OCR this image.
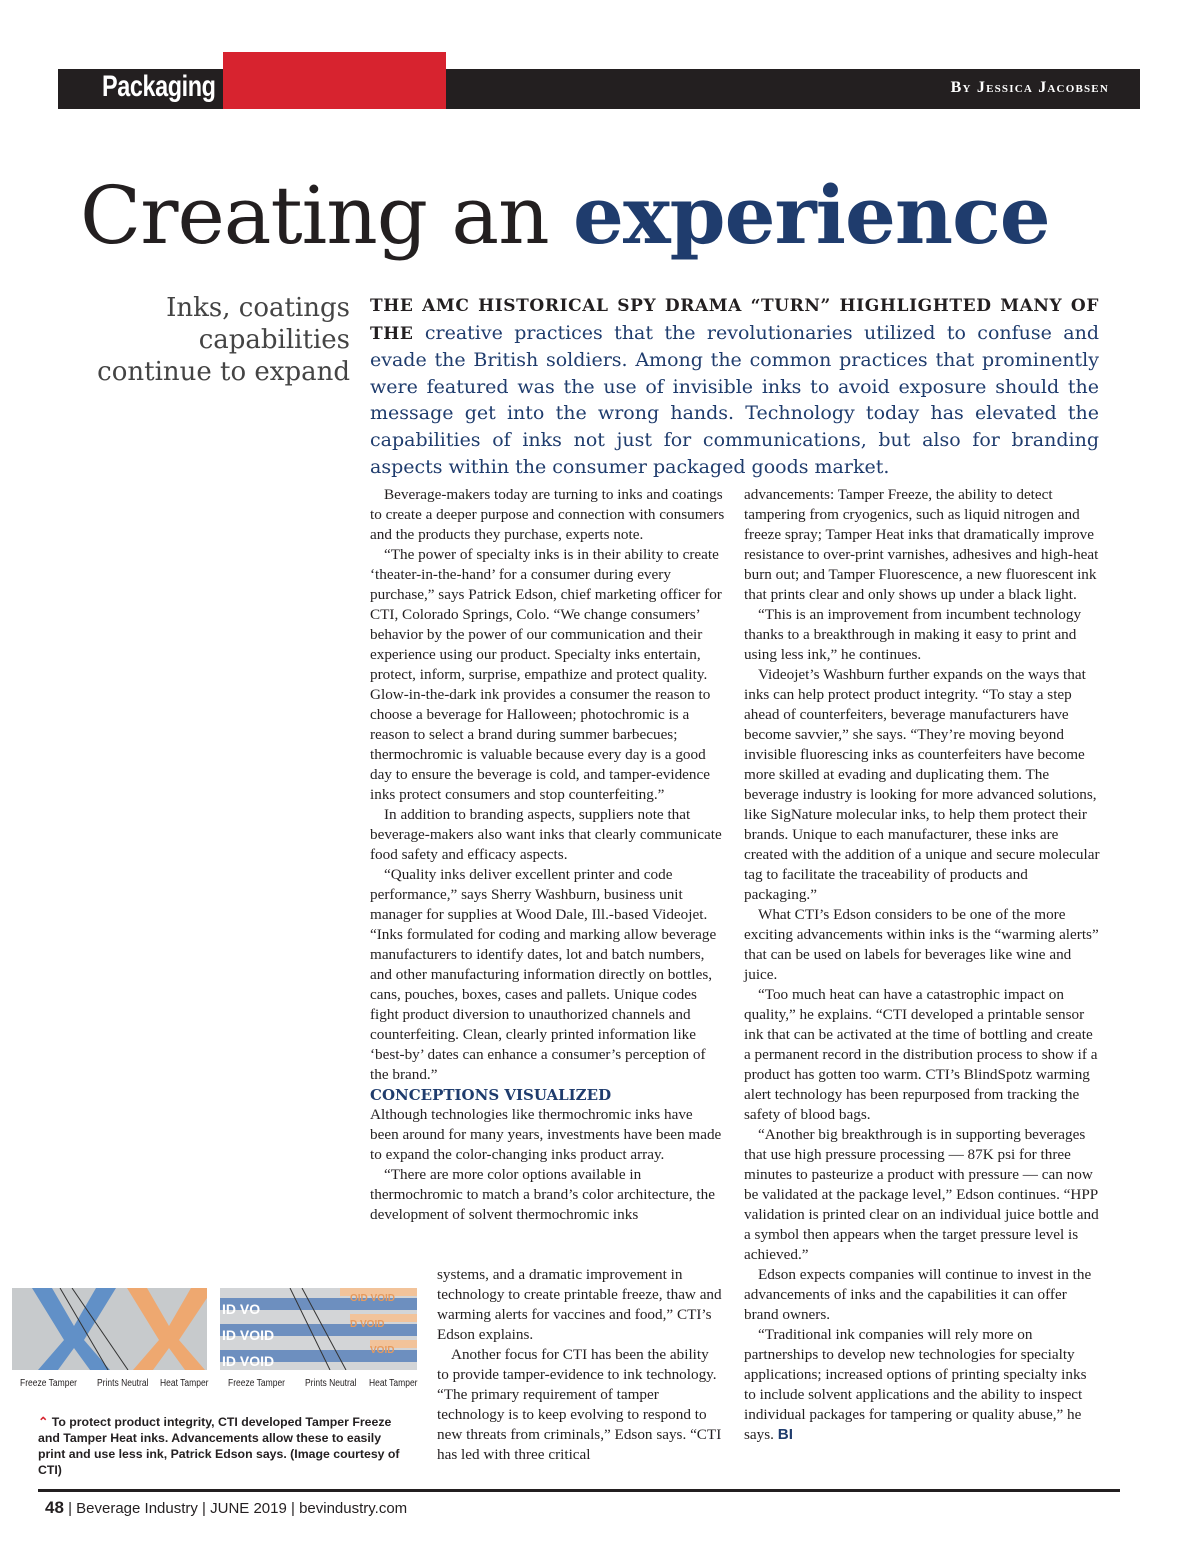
Packaging	By Jessica Jacobsen
Creating an experience
Inks, coatings
capabilities
continue to expand
THE AMC HISTORICAL SPY DRAMA “TURN” HIGHLIGHTED MANY OF THE creative practices that the revolutionaries utilized to confuse and evade the British soldiers. Among the common practices that prominently were featured was the use of invisible inks to avoid exposure should the message get into the wrong hands. Technology today has elevated the capabilities of inks not just for communications, but also for branding aspects within the consumer packaged goods market.

Beverage-makers today are turning to inks and coatings to create a deeper purpose and connection with consumers and the products they purchase, experts note.

“The power of specialty inks is in their ability to create ‘theater-in-the-hand’ for a consumer during every purchase,” says Patrick Edson, chief marketing officer for CTI, Colorado Springs, Colo. “We change consumers’ behavior by the power of our communication and their experience using our product. Specialty inks entertain, protect, inform, surprise, empathize and protect quality. Glow-in-the-dark ink provides a consumer the reason to choose a beverage for Halloween; photochromic is a reason to select a brand during summer barbecues; thermochromic is valuable because every day is a good day to ensure the beverage is cold, and tamper-evidence inks protect consumers and stop counterfeiting.”

In addition to branding aspects, suppliers note that beverage-makers also want inks that clearly communicate food safety and efficacy aspects.

“Quality inks deliver excellent printer and code performance,” says Sherry Washburn, business unit manager for supplies at Wood Dale, Ill.-based Videojet. “Inks formulated for coding and marking allow beverage manufacturers to identify dates, lot and batch numbers, and other manufacturing information directly on bottles, cans, pouches, boxes, cases and pallets. Unique codes fight product diversion to unauthorized channels and counterfeiting. Clean, clearly printed information like ‘best-by’ dates can enhance a consumer’s perception of the brand.”

CONCEPTIONS VISUALIZED

Although technologies like thermochromic inks have been around for many years, investments have been made to expand the color-changing inks product array.

“There are more color options available in thermochromic to match a brand’s color architecture, the development of solvent thermochromic inks

systems, and a dramatic improvement in technology to create printable freeze, thaw and warming alerts for vaccines and food,” CTI’s Edson explains.

Another focus for CTI has been the ability to provide tamper-evidence to ink technology. “The primary requirement of tamper technology is to keep evolving to respond to new threats from criminals,” Edson says. “CTI has led with three critical

advancements: Tamper Freeze, the ability to detect tampering from cryogenics, such as liquid nitrogen and freeze spray; Tamper Heat inks that dramatically improve resistance to over-print varnishes, adhesives and high-heat burn out; and Tamper Fluorescence, a new fluorescent ink that prints clear and only shows up under a black light.

“This is an improvement from incumbent technology thanks to a breakthrough in making it easy to print and using less ink,” he continues.

Videojet’s Washburn further expands on the ways that inks can help protect product integrity. “To stay a step ahead of counterfeiters, beverage manufacturers have become savvier,” she says. “They’re moving beyond invisible fluorescing inks as counterfeiters have become more skilled at evading and duplicating them. The beverage industry is looking for more advanced solutions, like SigNature molecular inks, to help them protect their brands. Unique to each manufacturer, these inks are created with the addition of a unique and secure molecular tag to facilitate the traceability of products and packaging.”

What CTI’s Edson considers to be one of the more exciting advancements within inks is the “warming alerts” that can be used on labels for beverages like wine and juice.

“Too much heat can have a catastrophic impact on quality,” he explains. “CTI developed a printable sensor ink that can be activated at the time of bottling and create a permanent record in the distribution process to show if a product has gotten too warm. CTI’s BlindSpotz warming alert technology has been repurposed from tracking the safety of blood bags.

“Another big breakthrough is in supporting beverages that use high pressure processing — 87K psi for three minutes to pasteurize a product with pressure — can now be validated at the package level,” Edson continues. “HPP validation is printed clear on an individual juice bottle and a symbol then appears when the target pressure level is achieved.”

Edson expects companies will continue to invest in the advancements of inks and the capabilities it can offer brand owners.

“Traditional ink companies will rely more on partnerships to develop new technologies for specialty applications; increased options of printing specialty inks to include solvent applications and the ability to inspect individual packages for tampering or quality abuse,” he says. BI

ID VO
ID VOID
ID VOID
OID VOID
D VOID
VOID
Freeze Tamper Prints Neutral Heat Tamper Freeze Tamper Prints Neutral Heat Tamper
⌃ To protect product integrity, CTI developed Tamper Freeze and Tamper Heat inks. Advancements allow these to easily print and use less ink, Patrick Edson says. (Image courtesy of CTI)
48 | Beverage Industry | JUNE 2019 | bevindustry.com
